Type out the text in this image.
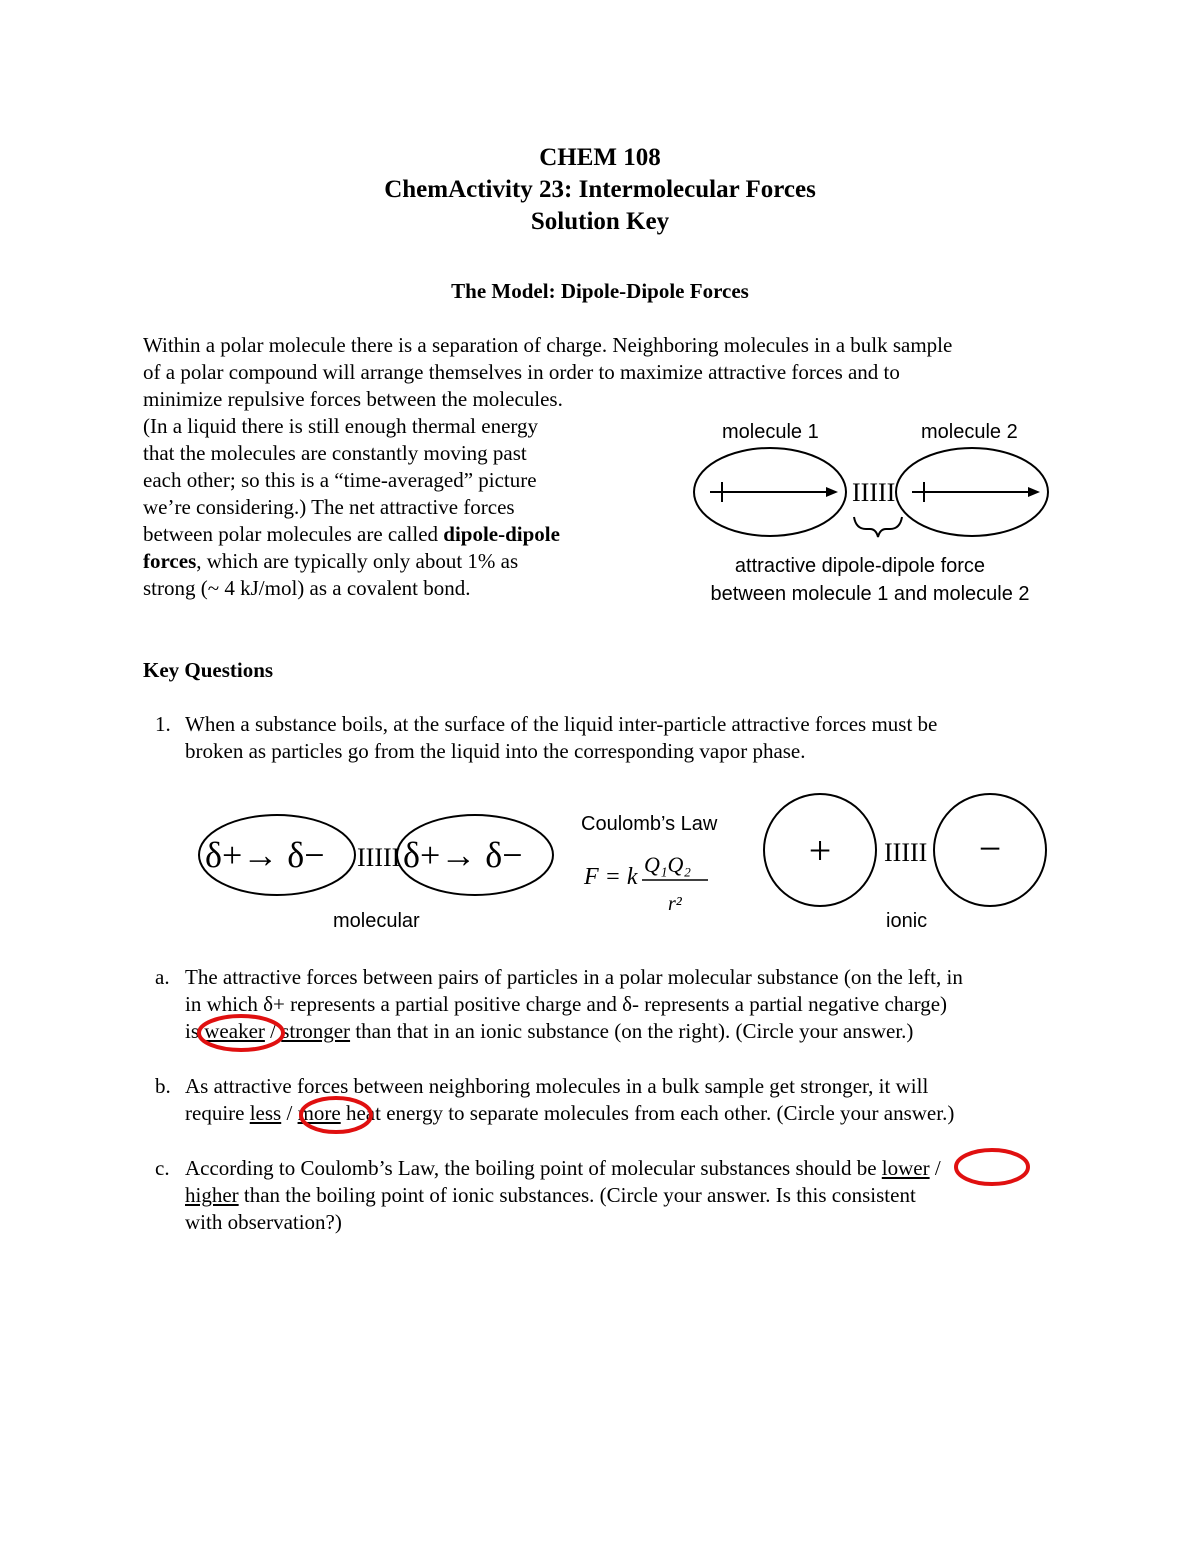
CHEM 108
ChemActivity 23: Intermolecular Forces
Solution Key
The Model: Dipole-Dipole Forces
Within a polar molecule there is a separation of charge. Neighboring molecules in a bulk sample
of a polar compound will arrange themselves in order to maximize attractive forces and to
minimize repulsive forces between the molecules.
(In a liquid there is still enough thermal energy
that the molecules are constantly moving past
each other; so this is a “time-averaged” picture
we’re considering.) The net attractive forces
between polar molecules are called dipole-dipole
forces, which are typically only about 1% as
strong (~ 4 kJ/mol) as a covalent bond.
molecule 1	molecule 2
IIIII
attractive dipole-dipole force
between molecule 1 and molecule 2
Key Questions
1. When a substance boils, at the surface of the liquid inter-particle attractive forces must be
broken as particles go from the liquid into the corresponding vapor phase.
δ+→ δ− IIIII δ+→ δ−
molecular
Coulomb’s Law
F = k Q₁Q₂
r²
+ IIIII −
ionic
a. The attractive forces between pairs of particles in a polar molecular substance (on the left, in
in which δ+ represents a partial positive charge and δ- represents a partial negative charge)
is weaker / stronger than that in an ionic substance (on the right). (Circle your answer.)
b. As attractive forces between neighboring molecules in a bulk sample get stronger, it will
require less / more heat energy to separate molecules from each other. (Circle your answer.)
c. According to Coulomb’s Law, the boiling point of molecular substances should be lower /
higher than the boiling point of ionic substances. (Circle your answer. Is this consistent
with observation?)
